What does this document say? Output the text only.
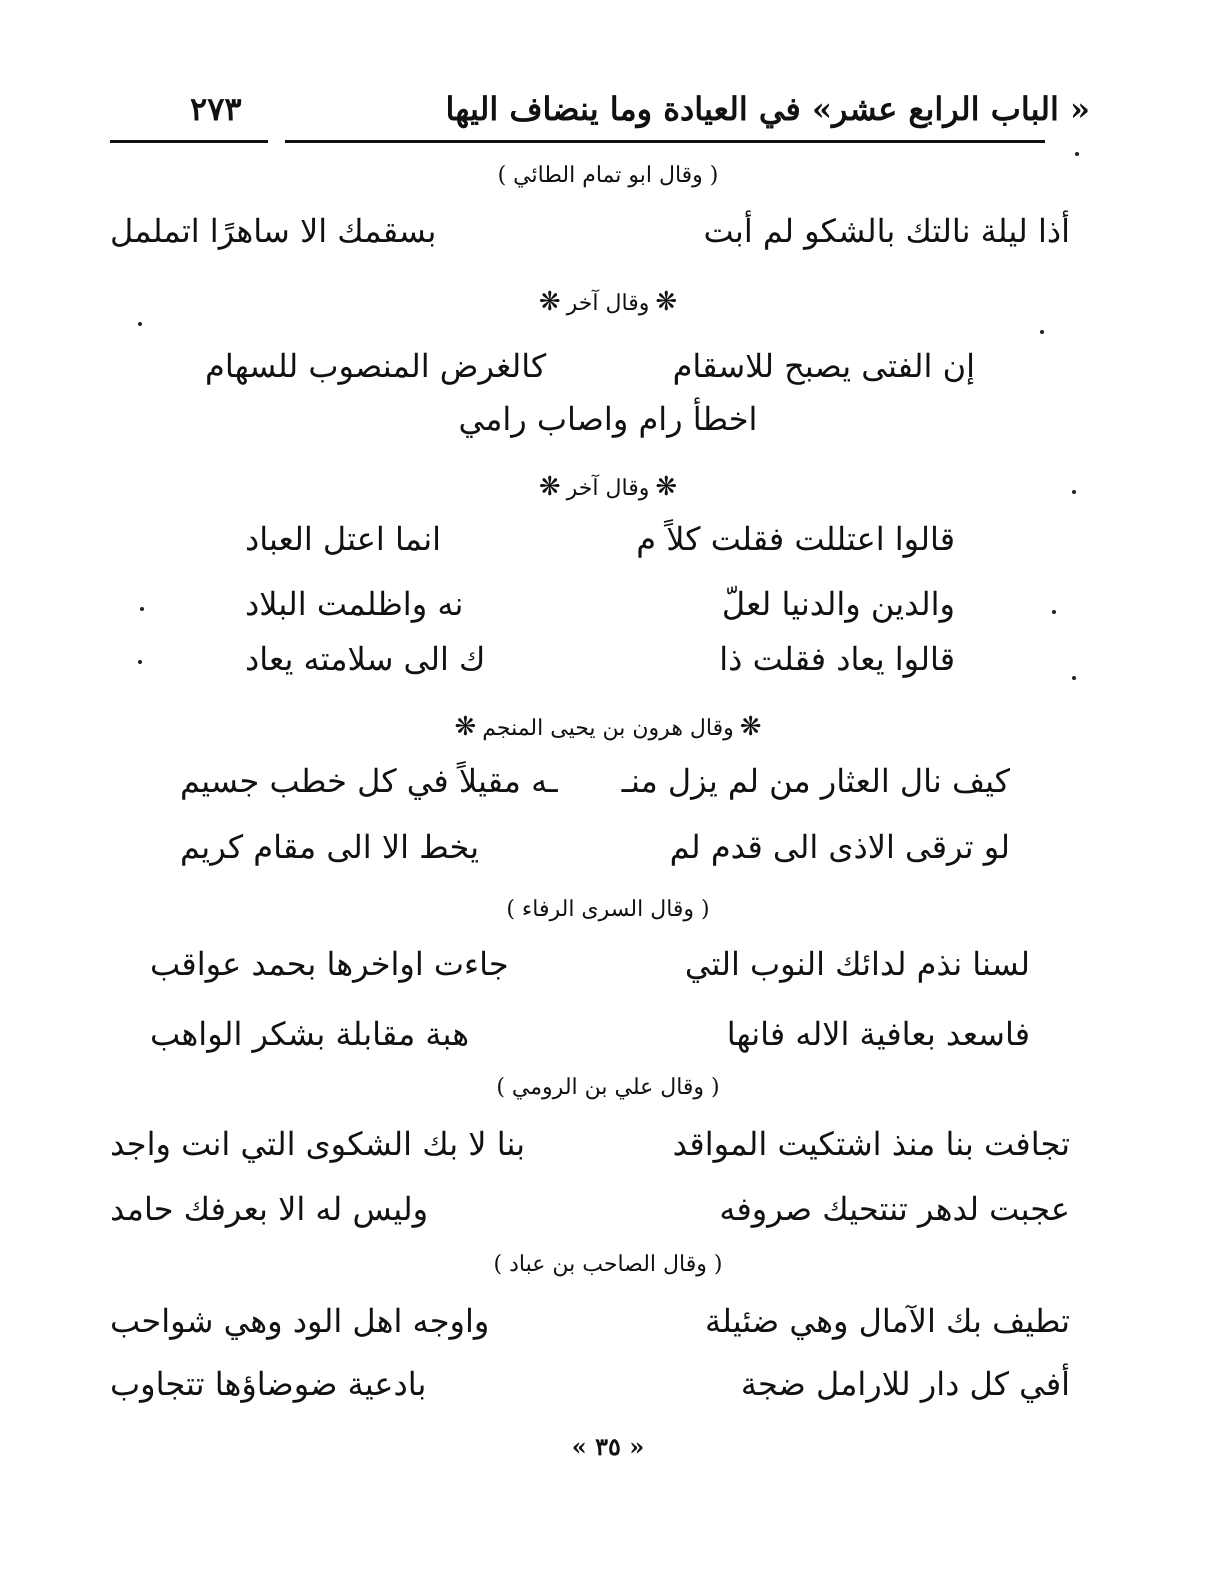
« الباب الرابع عشر» في العيادة وما ينضاف اليها
٢٧٣
( وقال ابو تمام الطائي )
أذا ليلة نالتك بالشكو لم أبت
بسقمك الا ساهرًا اتململ
❋وقال آخر❋
إن الفتى يصبح للاسقام
كالغرض المنصوب للسهام
اخطأ رام واصاب رامي
❋وقال آخر❋
قالوا اعتللت فقلت كلاً م
انما اعتل العباد
والدين والدنيا لعلّ
نه واظلمت البلاد
قالوا يعاد فقلت ذا
ك الى سلامته يعاد
❋وقال هرون بن يحيى المنجم❋
كيف نال العثار من لم يزل منـ
ـه مقيلاً في كل خطب جسيم
لو ترقى الاذى الى قدم لم
يخط الا الى مقام كريم
( وقال السرى الرفاء )
لسنا نذم لدائك النوب التي
جاءت اواخرها بحمد عواقب
فاسعد بعافية الاله فانها
هبة مقابلة بشكر الواهب
( وقال علي بن الرومي )
تجافت بنا منذ اشتكيت المواقد
بنا لا بك الشكوى التي انت واجد
عجبت لدهر تنتحيك صروفه
وليس له الا بعرفك حامد
( وقال الصاحب بن عباد )
تطيف بك الآمال وهي ضئيلة
واوجه اهل الود وهي شواحب
أفي كل دار للارامل ضجة
بادعية ضوضاؤها تتجاوب
« ٣٥ »
